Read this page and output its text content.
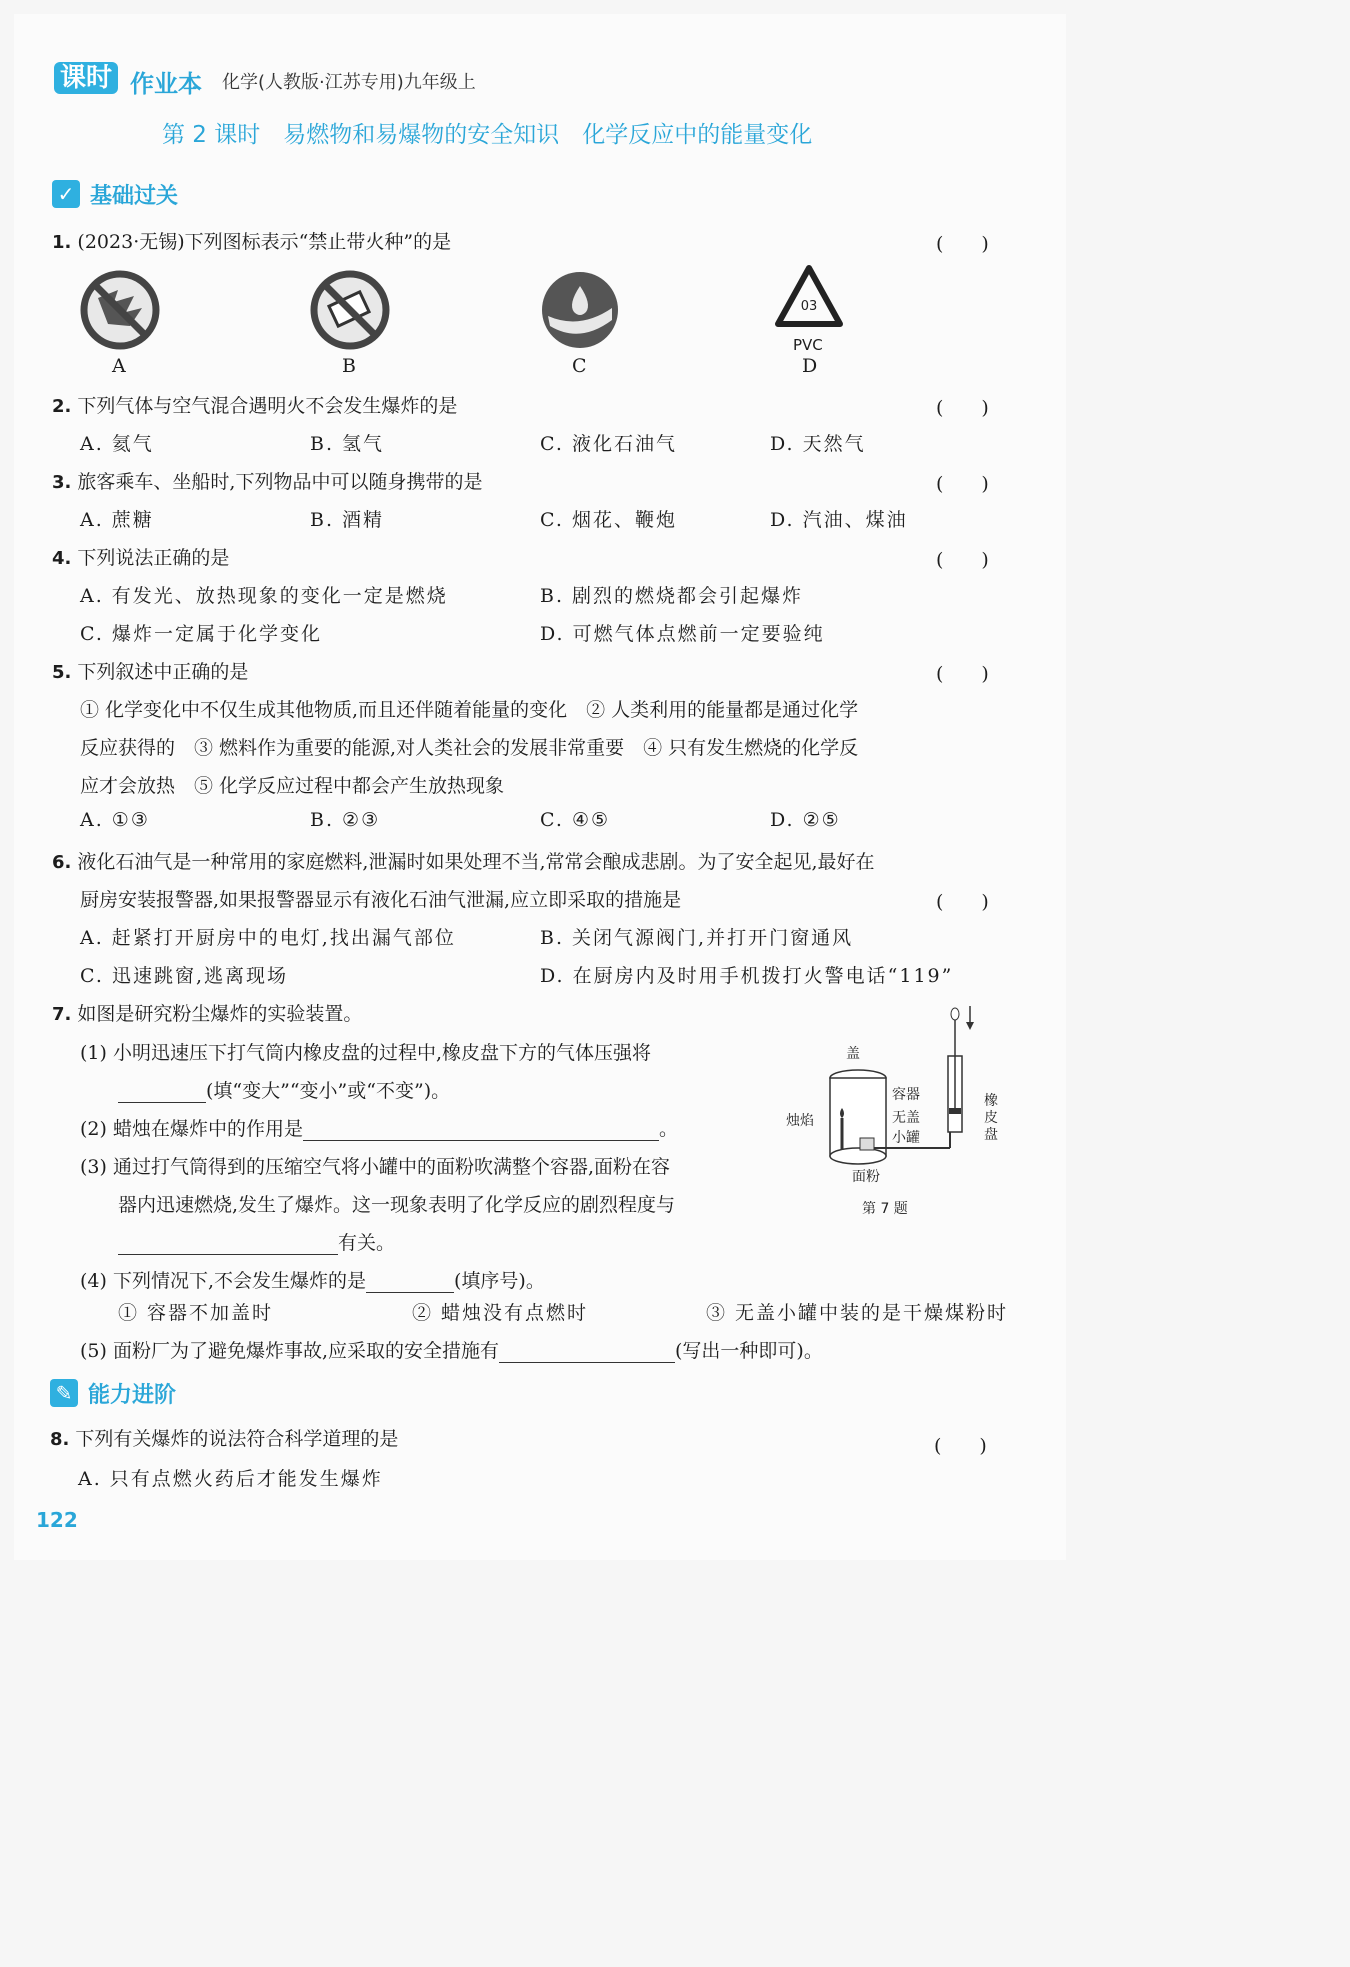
课时 作业本 化学(人教版·江苏专用)九年级上
第 2 课时　易燃物和易爆物的安全知识　化学反应中的能量变化
✓ 基础过关
1. (2023·无锡)下列图标表示“禁止带火种”的是	(　　)
03
PVC
A	B	C	D
2. 下列气体与空气混合遇明火不会发生爆炸的是	(　　)
A. 氦气	B. 氢气	C. 液化石油气	D. 天然气
3. 旅客乘车、坐船时,下列物品中可以随身携带的是	(　　)
A. 蔗糖	B. 酒精	C. 烟花、鞭炮	D. 汽油、煤油
4. 下列说法正确的是	(　　)
A. 有发光、放热现象的变化一定是燃烧	B. 剧烈的燃烧都会引起爆炸
C. 爆炸一定属于化学变化	D. 可燃气体点燃前一定要验纯
5. 下列叙述中正确的是	(　　)
① 化学变化中不仅生成其他物质,而且还伴随着能量的变化　② 人类利用的能量都是通过化学
反应获得的　③ 燃料作为重要的能源,对人类社会的发展非常重要　④ 只有发生燃烧的化学反
应才会放热　⑤ 化学反应过程中都会产生放热现象
A. ①③	B. ②③	C. ④⑤	D. ②⑤
6. 液化石油气是一种常用的家庭燃料,泄漏时如果处理不当,常常会酿成悲剧。为了安全起见,最好在
厨房安装报警器,如果报警器显示有液化石油气泄漏,应立即采取的措施是	(　　)
A. 赶紧打开厨房中的电灯,找出漏气部位	B. 关闭气源阀门,并打开门窗通风
C. 迅速跳窗,逃离现场	D. 在厨房内及时用手机拨打火警电话“119”
7. 如图是研究粉尘爆炸的实验装置。
(1) 小明迅速压下打气筒内橡皮盘的过程中,橡皮盘下方的气体压强将
(填“变大”“变小”或“不变”)。
(2) 蜡烛在爆炸中的作用是	。
(3) 通过打气筒得到的压缩空气将小罐中的面粉吹满整个容器,面粉在容
器内迅速燃烧,发生了爆炸。这一现象表明了化学反应的剧烈程度与
有关。
(4) 下列情况下,不会发生爆炸的是	(填序号)。
① 容器不加盖时	② 蜡烛没有点燃时	③ 无盖小罐中装的是干燥煤粉时
(5) 面粉厂为了避免爆炸事故,应采取的安全措施有	(写出一种即可)。
盖
容器
烛焰	无盖
小罐
面粉
橡
皮
盘
第 7 题
✎ 能力进阶
8. 下列有关爆炸的说法符合科学道理的是	(　　)
A. 只有点燃火药后才能发生爆炸
122
